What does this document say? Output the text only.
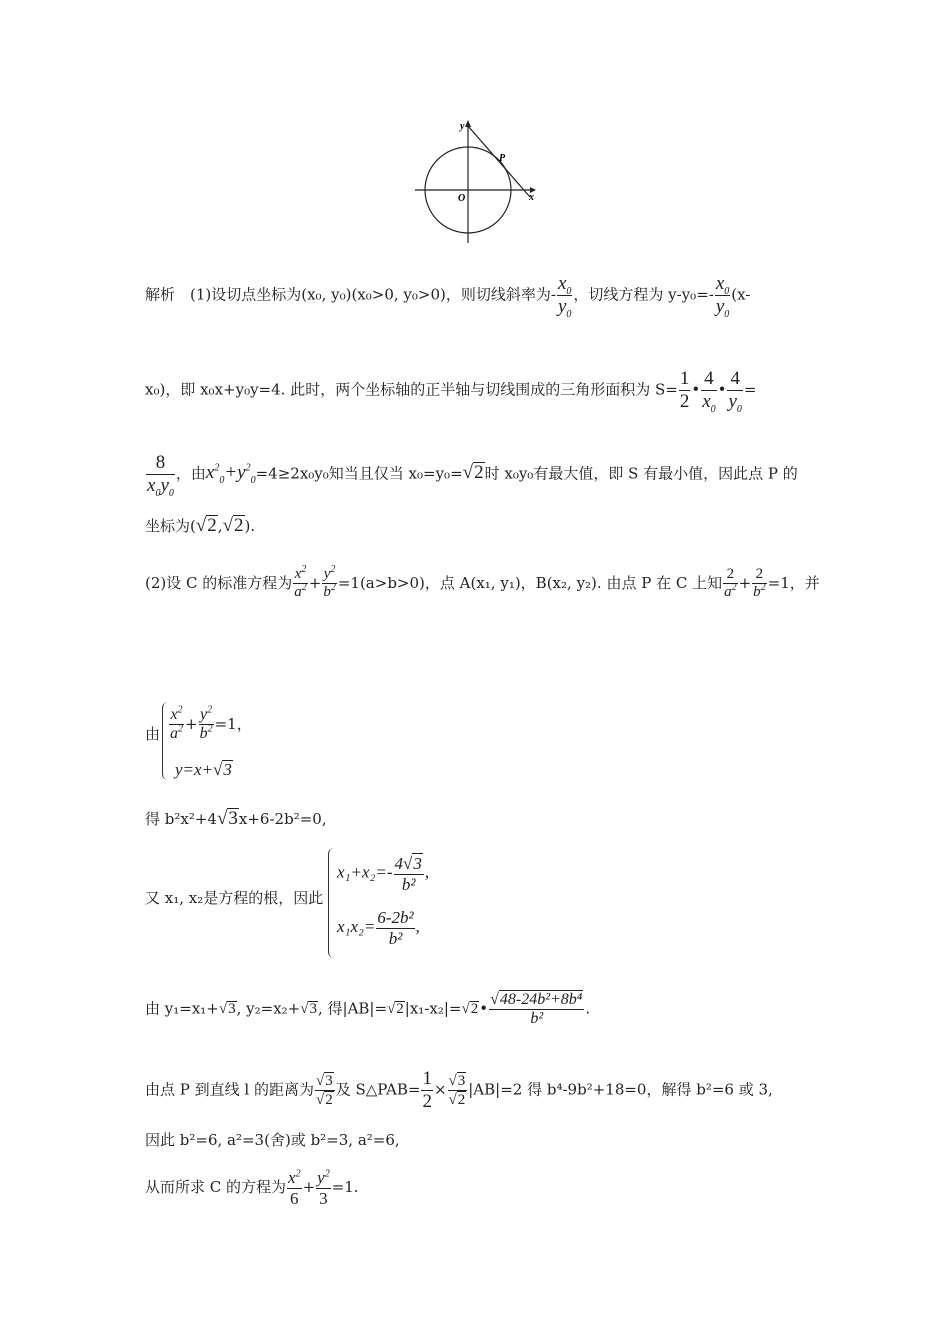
y
x
O
P
解析　(1)设切点坐标为(x₀, y₀)(x₀>0, y₀>0)，则切线斜率为- $\frac{x_0}{y_0}$ ，切线方程为 $y-y_0=- \frac{x_0}{y_0} (x-$
x₀)，即 x₀x+y₀y=4. 此时，两个坐标轴的正半轴与切线围成的三角形面积为 $S= \frac{1}{2}$ • $\frac{4}{x_0}$ • $\frac{4}{y_0}$ =
$\frac{8}{x_0y_0}$ ，由$x^2_0+y^2_0=4\ge 2x_0y_0$知当且仅当 x₀=y₀=√2时 x₀y₀有最大值，即 S 有最小值，因此点 P 的
坐标为(√2,√2).
(2)设 C 的标准方程为 $\frac{x^2}{a^2} + \frac{y^2}{b^2} =1(a>b>0)$，点 A(x₁, y₁)，B(x₂, y₂). 由点 P 在 C 上知 $\frac{2}{a^2} + \frac{2}{b^2} =1$，并
由 $\frac{x^2}{a^2} + \frac{y^2}{b^2} =1$，
y=x+√3
得 b²x²+4√3x+6-2b²=0,
又 x₁, x₂是方程的根，因此
$x_1+x_2=- \frac{4√3}{\text{b²}}$ ,
$x_1x_2= \frac{\text{6-2b²}}{\text{b²}}$ ,
由 y₁=x₁+√3, y₂=x₂+√3, 得|AB|=√2|x₁-x₂|=√2• $\frac{\text{√48-24b²+8b⁴}}{\text{b²}}$ .
由点 P 到直线 l 的距离为 $\frac{√3}{√2}$ 及 S△PAB= $\frac{1}{2} \times \frac{√3}{√2} |AB|=2$ 得 b⁴-9b²+18=0，解得 b²=6 或 3,
因此 b²=6, a²=3(舍)或 b²=3, a²=6,
从而所求 C 的方程为 $\frac{x^2}{6} + \frac{y^2}{3} =1$.
